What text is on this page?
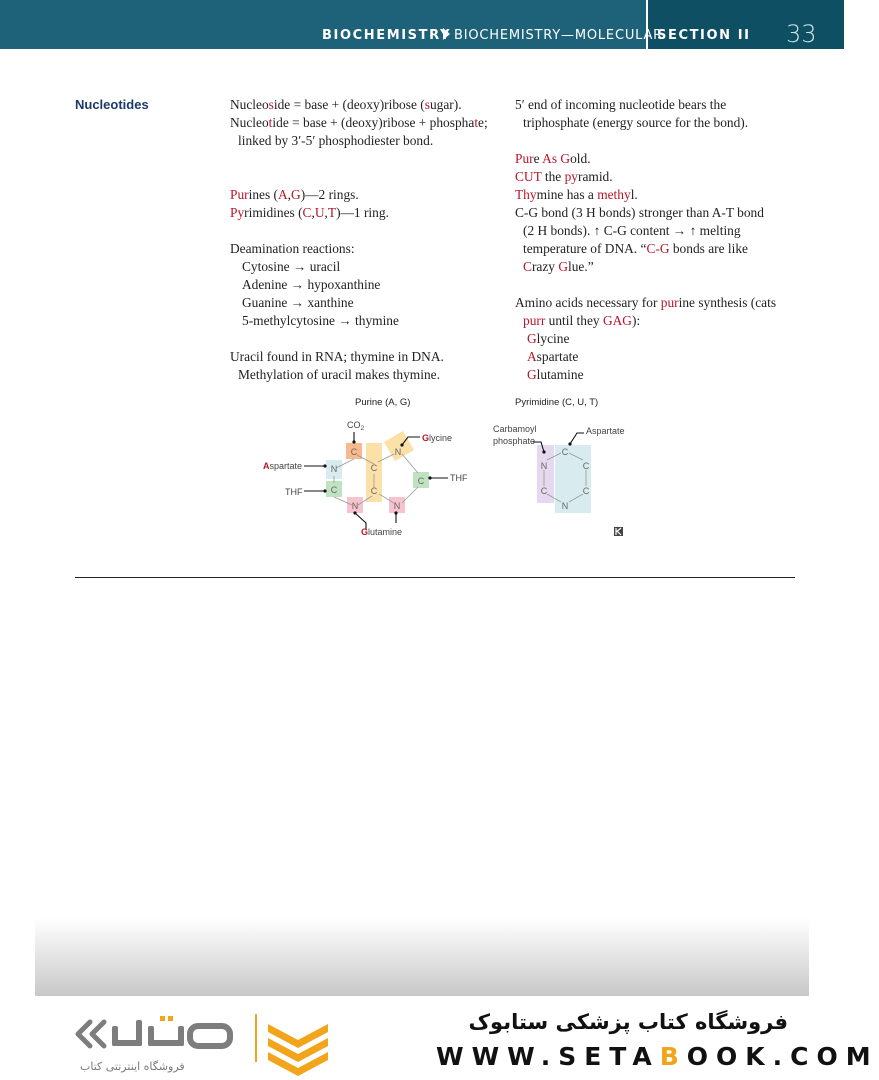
BIOCHEMISTRY BIOCHEMISTRY—MOLECULAR
SECTION II 33
Nucleotides	Nucleoside = base + (deoxy)ribose (sugar).
Nucleotide = base + (deoxy)ribose + phosphate;
linked by 3′-5′ phosphodiester bond.
Purines (A,G)—2 rings.
Pyrimidines (C,U,T)—1 ring.
Deamination reactions:
Cytosine → uracil
Adenine → hypoxanthine
Guanine → xanthine
5-methylcytosine → thymine
Uracil found in RNA; thymine in DNA.
Methylation of uracil makes thymine.
5′ end of incoming nucleotide bears the
triphosphate (energy source for the bond).
Pure As Gold.
CUT the pyramid.
Thymine has a methyl.
C-G bond (3 H bonds) stronger than A-T bond
(2 H bonds). ↑ C-G content → ↑ melting
temperature of DNA. “C-G bonds are like
Crazy Glue.”
Amino acids necessary for purine synthesis (cats
purr until they GAG):
Glycine
Aspartate
Glutamine
Purine (A, G)
C
N
C
N
C
C
N
C
N
$CO_2$
Glycine
Aspartate
THF
THF
Glutamine
Pyrimidine (C, U, T)
C
N	C
C	C
N
Carbamoyl
phosphate
Aspartate
فروشگاه اینترنتی کتاب
فروشگاه کتاب پزشکی ستابوک
WWW.SETABOOK.COM
